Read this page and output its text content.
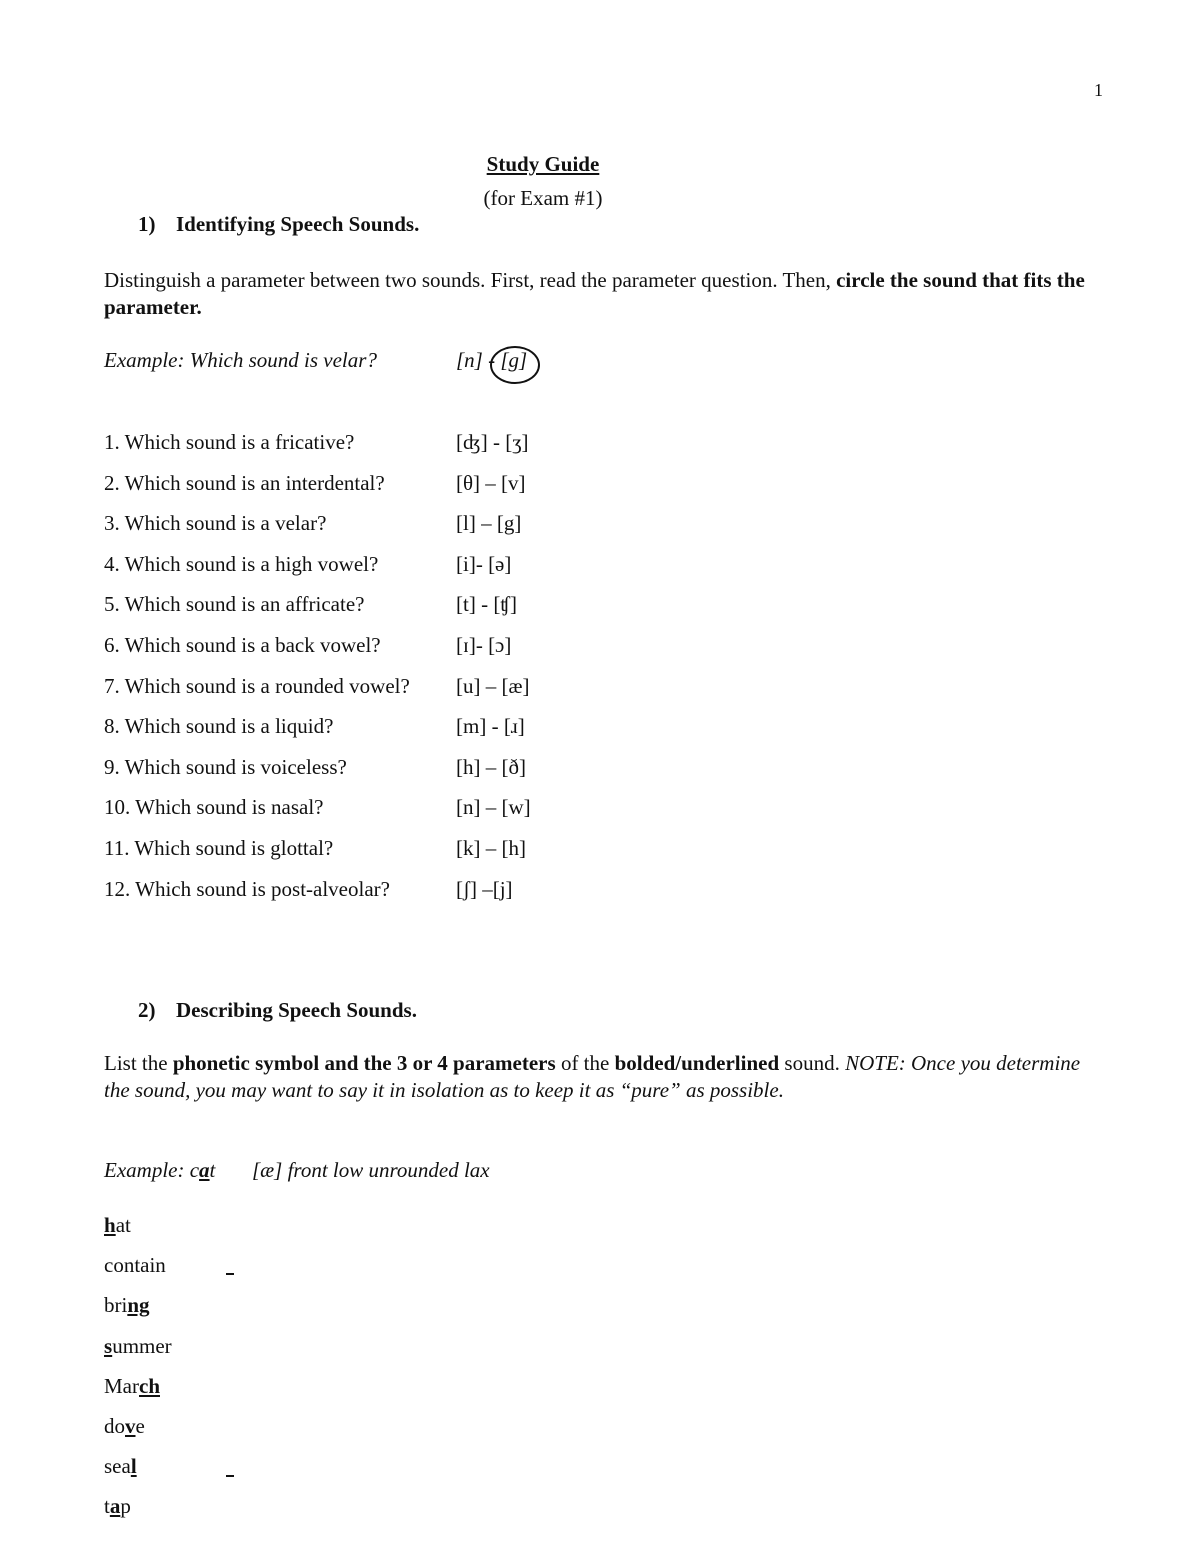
1
Study Guide
(for Exam #1)
1) Identifying Speech Sounds.
Distinguish a parameter between two sounds. First, read the parameter question. Then, circle the sound that fits the parameter.
Example: Which sound is velar?	[n] - [g]
1. Which sound is a fricative?	[ʤ] - [ʒ]
2. Which sound is an interdental?	[θ] – [v]
3. Which sound is a velar?	[l] – [g]
4. Which sound is a high vowel?	[i]- [ə]
5. Which sound is an affricate?	[t] - [ʧ]
6. Which sound is a back vowel?	[ɪ]- [ɔ]
7. Which sound is a rounded vowel? [u] – [æ]
8. Which sound is a liquid?	[m] - [ɹ]
9. Which sound is voiceless?	[h] – [ð]
10. Which sound is nasal?	[n] – [w]
11. Which sound is glottal?	[k] – [h]
12. Which sound is post-alveolar?	[ʃ] –[j]
2) Describing Speech Sounds.
List the phonetic symbol and the 3 or 4 parameters of the bolded/underlined sound. NOTE: Once you determine the sound, you may want to say it in isolation as to keep it as “pure” as possible.
Example: cat [æ] front low unrounded lax
hat
contain
bring
summer
March
dove
seal
tap
